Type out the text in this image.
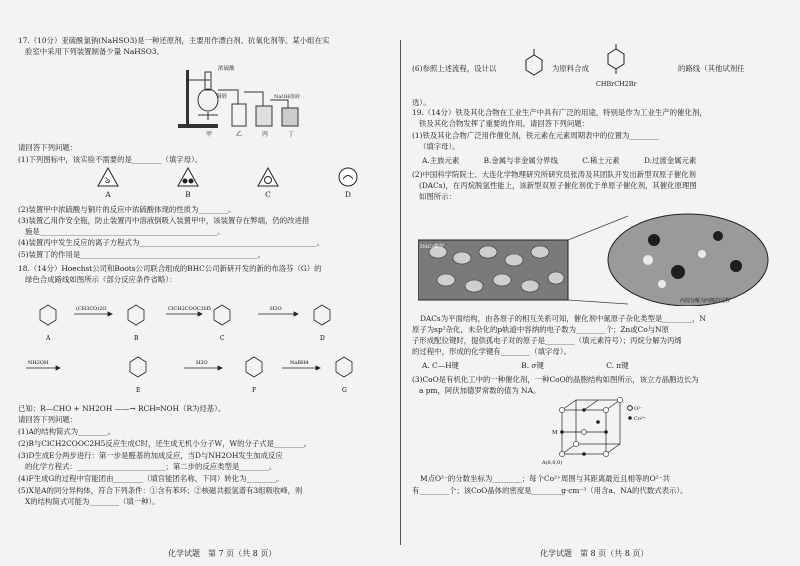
17.（10分）亚硫酰氯钠(NaHSO3)是一种还原剂，主要用作漂白剂、抗氧化剂等。某小组在实

验室中采用下列装置制备少量 NaHSO3。

浓硫酸
铜屑	NaOH溶液
甲	乙	丙	丁

请回答下列问题：

(1)下列图标中，该实验不需要的是________（填字母）。

ঌ
A	B	C	D

(2)装置甲中浓硫酸与铜片的反应中浓硫酸体现的性质为________。

(3)装置乙用作安全瓶，防止装置丙中溶液倒吸入装置甲中，该装置存在弊端，仍的改进措

施是________________________________________________。

(4)装置丙中发生反应的离子方程式为________________________________________________。

(5)装置丁的作用是________________________________________________。

18.（14分）Hoechst公司和Boots公司联合组成的BHC公司新研开发的新的布洛芬（G）的

绿色合成路线如图所示（部分反应条件省略）：

(CH3CO)2O	ClCH2COOC2H5	H2O
NH2OH	H2O	NaBH4
A	B	C	D
E	F	G

已知：R—CHO + NH2OH ——→ RCH═NOH（R为烃基）。

请回答下列问题：

(1)A的结构简式为________。

(2)B与ClCH2COOC2H5反应生成C时，还生成无机小分子W，W的分子式是________。

(3)D生成E分两步进行：第一步是醛基的加成反应，当D与NH2OH发生加成反应

的化学方程式：________________________；第二步的反应类型是________。

(4)F生成G的过程中官能团由________（填官能团名称，下同）转化为________。

(5)X是A的同分异构体，符合下列条件：①含有苯环；②核磁共振氢谱有3组吸收峰，则

X的结构简式可能为________（填一种）。

(6)参照上述流程，设计以	为原料合成
CHBrCH2Br
的路线（其他试剂任
选）。

19.（14分）铁及其化合物在工业生产中具有广泛的用途，特别是作为工业生产的催化剂，

铁及其化合物发挥了重要的作用。请回答下列问题：

(1)铁及其化合物广泛用作催化剂，铁元素在元素周期表中的位置为________

（填字母）。

A.主族元素	B.金属与非金属分界线	C.稀土元素	D.过渡金属元素

(2)中国科学院院士、大连化学物理研究所研究员张涛及其团队开发出新型双原子催化剂

(DACs)，在丙烷脱氢性能上，该新型双原子催化剂优于单原子催化剂，其催化原理图

如图所示：

DACs模型
丙烷分解为丙烯的过程

DACs为平面结构，由各原子的相互关系可知，催化剂中氮原子杂化类型是________，N

原子为sp²杂化，未杂化的p轨道中容纳的电子数为________个；Zn或Co与N原

子形成配位键时，提供孤电子对的原子是________（填元素符号）；丙烷分解为丙烯

的过程中，形成的化学键有________（填字母）。

A. C—H键	B. σ键	C. π键

(3)CoO是有机化工中的一种催化剂，一种CoO的晶胞结构如图所示，该立方晶胞边长为

a pm，阿伏加德罗常数的值为 NA。

O²⁻
Co²⁺
M
A(0,0,0)

M点O²⁻的分数坐标为________；每个Co²⁺周围与其距离最近且相等的O²⁻共

有________个；该CoO晶体的密度是________g·cm⁻³（用含a、NA的代数式表示）。

化学试题　第 7 页（共 8 页）	化学试题　第 8 页（共 8 页）
